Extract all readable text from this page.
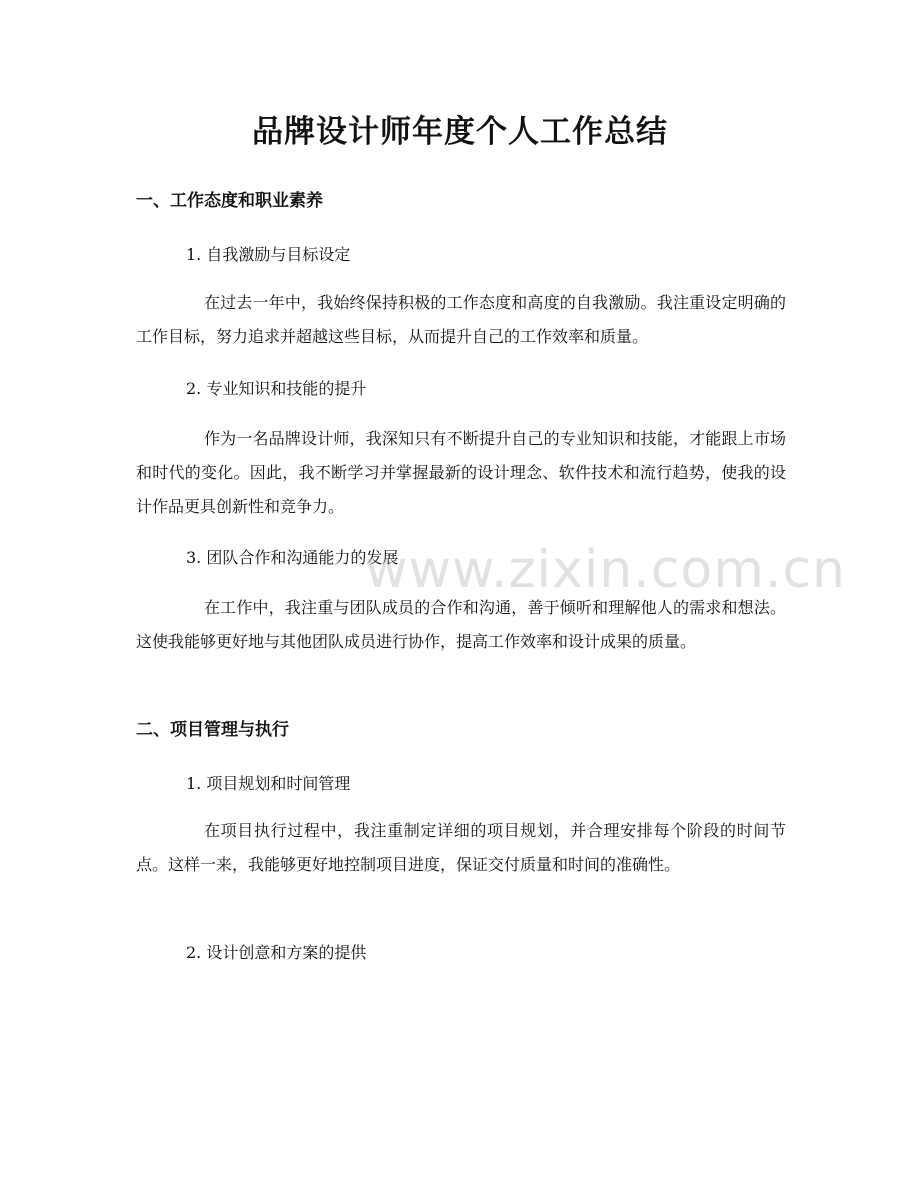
品牌设计师年度个人工作总结
一、工作态度和职业素养

1. 自我激励与目标设定

在过去一年中，我始终保持积极的工作态度和高度的自我激励。我注重设定明确的工作目标，努力追求并超越这些目标，从而提升自己的工作效率和质量。

2. 专业知识和技能的提升

作为一名品牌设计师，我深知只有不断提升自己的专业知识和技能，才能跟上市场和时代的变化。因此，我不断学习并掌握最新的设计理念、软件技术和流行趋势，使我的设计作品更具创新性和竞争力。

3. 团队合作和沟通能力的发展

在工作中，我注重与团队成员的合作和沟通，善于倾听和理解他人的需求和想法。这使我能够更好地与其他团队成员进行协作，提高工作效率和设计成果的质量。

二、项目管理与执行

1. 项目规划和时间管理

在项目执行过程中，我注重制定详细的项目规划，并合理安排每个阶段的时间节点。这样一来，我能够更好地控制项目进度，保证交付质量和时间的准确性。

2. 设计创意和方案的提供

www.zixin.com.cn
